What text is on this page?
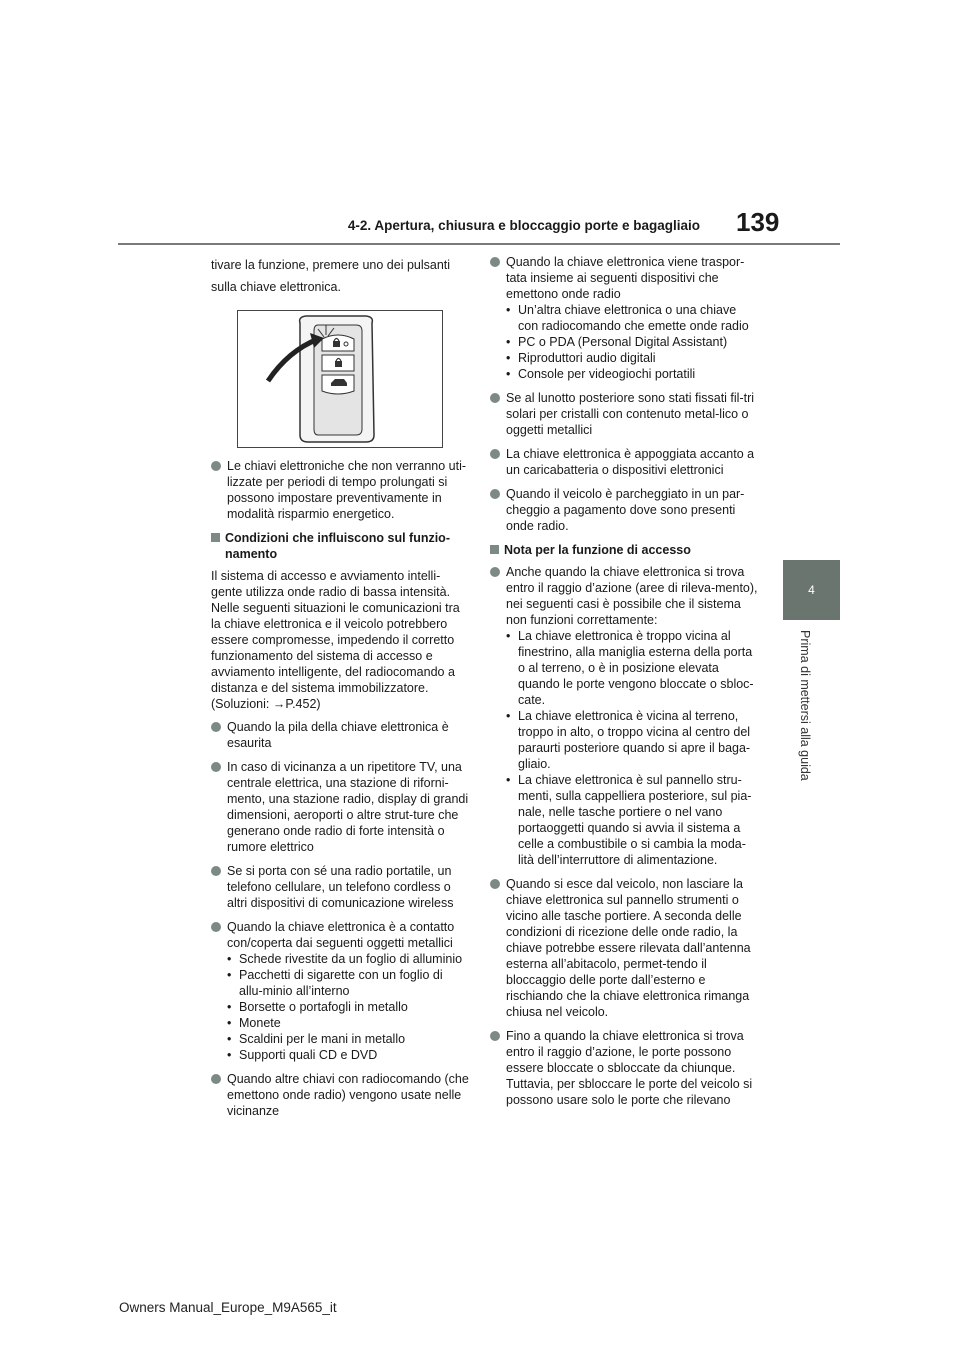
4-2. Apertura, chiusura e bloccaggio porte e bagagliaio 139
4
Prima di mettersi alla guida

tivare la funzione, premere uno dei pulsanti sulla chiave elettronica.

Le chiavi elettroniche che non verranno uti-lizzate per periodi di tempo prolungati si possono impostare preventivamente in modalità risparmio energetico.
Condizioni che influiscono sul funzio-namento

Il sistema di accesso e avviamento intelli-gente utilizza onde radio di bassa intensità. Nelle seguenti situazioni le comunicazioni tra la chiave elettronica e il veicolo potrebbero essere compromesse, impedendo il corretto funzionamento del sistema di accesso e avviamento intelligente, del radiocomando a distanza e del sistema immobilizzatore.
(Soluzioni: →P.452)

Quando la pila della chiave elettronica è esaurita
In caso di vicinanza a un ripetitore TV, una centrale elettrica, una stazione di riforni-mento, una stazione radio, display di grandi dimensioni, aeroporti o altre strut-ture che generano onde radio di forte intensità o rumore elettrico
Se si porta con sé una radio portatile, un telefono cellulare, un telefono cordless o altri dispositivi di comunicazione wireless
Quando la chiave elettronica è a contatto con/coperta dai seguenti oggetti metallici
• Schede rivestite da un foglio di alluminio
• Pacchetti di sigarette con un foglio di allu-minio all’interno
• Borsette o portafogli in metallo
• Monete
• Scaldini per le mani in metallo
• Supporti quali CD e DVD
Quando altre chiavi con radiocomando (che emettono onde radio) vengono usate nelle vicinanze
Quando la chiave elettronica viene traspor-tata insieme ai seguenti dispositivi che emettono onde radio
• Un’altra chiave elettronica o una chiave con radiocomando che emette onde radio
• PC o PDA (Personal Digital Assistant)
• Riproduttori audio digitali
• Console per videogiochi portatili
Se al lunotto posteriore sono stati fissati fil-tri solari per cristalli con contenuto metal-lico o oggetti metallici
La chiave elettronica è appoggiata accanto a un caricabatteria o dispositivi elettronici
Quando il veicolo è parcheggiato in un par-cheggio a pagamento dove sono presenti onde radio.
Nota per la funzione di accesso
Anche quando la chiave elettronica si trova entro il raggio d’azione (aree di rileva-mento), nei seguenti casi è possibile che il sistema non funzioni correttamente:
• La chiave elettronica è troppo vicina al finestrino, alla maniglia esterna della porta o al terreno, o è in posizione elevata quando le porte vengono bloccate o sbloc-cate.
• La chiave elettronica è vicina al terreno, troppo in alto, o troppo vicina al centro del paraurti posteriore quando si apre il baga-gliaio.
• La chiave elettronica è sul pannello stru-menti, sulla cappelliera posteriore, sul pia-nale, nelle tasche portiere o nel vano portaoggetti quando si avvia il sistema a celle a combustibile o si cambia la moda-lità dell’interruttore di alimentazione.
Quando si esce dal veicolo, non lasciare la chiave elettronica sul pannello strumenti o vicino alle tasche portiere. A seconda delle condizioni di ricezione delle onde radio, la chiave potrebbe essere rilevata dall’antenna esterna all’abitacolo, permet-tendo il bloccaggio delle porte dall’esterno e rischiando che la chiave elettronica rimanga chiusa nel veicolo.
Fino a quando la chiave elettronica si trova entro il raggio d’azione, le porte possono essere bloccate o sbloccate da chiunque. Tuttavia, per sbloccare le porte del veicolo si possono usare solo le porte che rilevano
Owners Manual_Europe_M9A565_it
